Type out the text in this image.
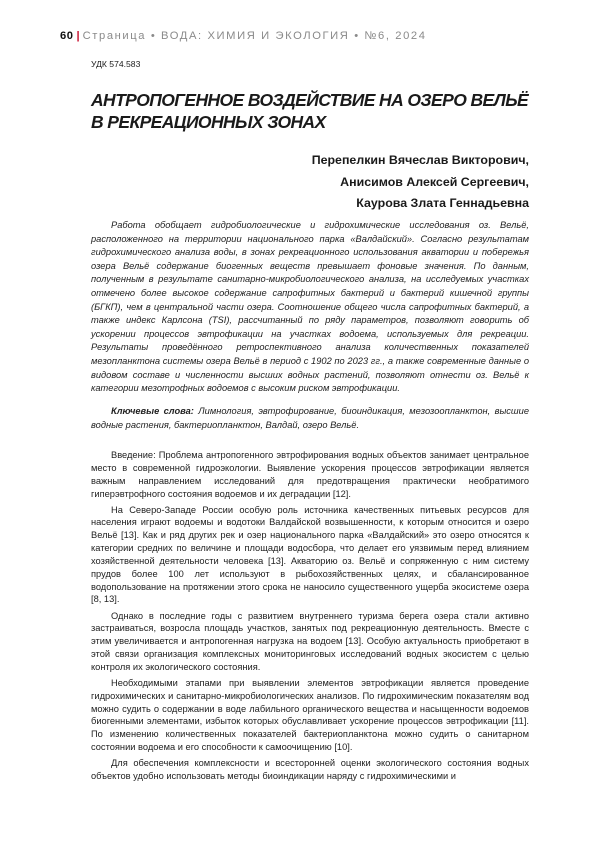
60 | Страница • ВОДА: ХИМИЯ И ЭКОЛОГИЯ • №6, 2024
УДК 574.583
АНТРОПОГЕННОЕ ВОЗДЕЙСТВИЕ НА ОЗЕРО ВЕЛЬЁ В РЕКРЕАЦИОННЫХ ЗОНАХ
Перепелкин Вячеслав Викторович,
Анисимов Алексей Сергеевич,
Каурова Злата Геннадьевна

Работа обобщает гидробиологические и гидрохимические исследования оз. Вельё, расположенного на территории национального парка «Валдайский». Согласно результатам гидрохимического анализа воды, в зонах рекреационного использования акватории и побережья озера Вельё содержание биогенных веществ превышает фоновые значения. По данным, полученным в результате санитарно-микробиологического анализа, на исследуемых участках отмечено более высокое содержание сапрофитных бактерий и бактерий кишечной группы (БГКП), чем в центральной части озера. Соотношение общего числа сапрофитных бактерий, а также индекс Карлсона (TSI), рассчитанный по ряду параметров, позволяют говорить об ускорении процессов эвтрофикации на участках водоема, используемых для рекреации. Результаты проведённого ретроспективного анализа количественных показателей мезопланктона системы озера Вельё в период с 1902 по 2023 гг., а также современные данные о видовом составе и численности высших водных растений, позволяют отнести оз. Вельё к категории мезотрофных водоемов с высоким риском эвтрофикации.

Ключевые слова: Лимнология, эвтрофирование, биоиндикация, мезозоопланктон, высшие водные растения, бактериопланктон, Валдай, озеро Вельё.

Введение: Проблема антропогенного эвтрофирования водных объектов занимает центральное место в современной гидроэкологии. Выявление ускорения процессов эвтрофикации является важным направлением исследований для предотвращения практически необратимого гиперэвтрофного состояния водоемов и их деградации [12].

На Северо-Западе России особую роль источника качественных питьевых ресурсов для населения играют водоемы и водотоки Валдайской возвышенности, к которым относится и озеро Вельё [13]. Как и ряд других рек и озер национального парка «Валдайский» это озеро относятся к категории средних по величине и площади водосбора, что делает его уязвимым перед влиянием хозяйственной деятельности человека [13]. Акваторию оз. Вельё и сопряженную с ним систему прудов более 100 лет используют в рыбохозяйственных целях, и сбалансированное водопользование на протяжении этого срока не наносило существенного ущерба экосистеме озера [8, 13].

Однако в последние годы с развитием внутреннего туризма берега озера стали активно застраиваться, возросла площадь участков, занятых под рекреационную деятельность. Вместе с этим увеличивается и антропогенная нагрузка на водоем [13]. Особую актуальность приобретают в этой связи организация комплексных мониторинговых исследований водных экосистем с целью контроля их экологического состояния.

Необходимыми этапами при выявлении элементов эвтрофикации является проведение гидрохимических и санитарно-микробиологических анализов. По гидрохимическим показателям вод можно судить о содержании в воде лабильного органического вещества и насыщенности водоемов биогенными элементами, избыток которых обуславливает ускорение процессов эвтрофикации [11]. По изменению количественных показателей бактериопланктона можно судить о санитарном состоянии водоема и его способности к самоочищению [10].

Для обеспечения комплексности и всесторонней оценки экологического состояния водных объектов удобно использовать методы биоиндикации наряду с гидрохимическими и
